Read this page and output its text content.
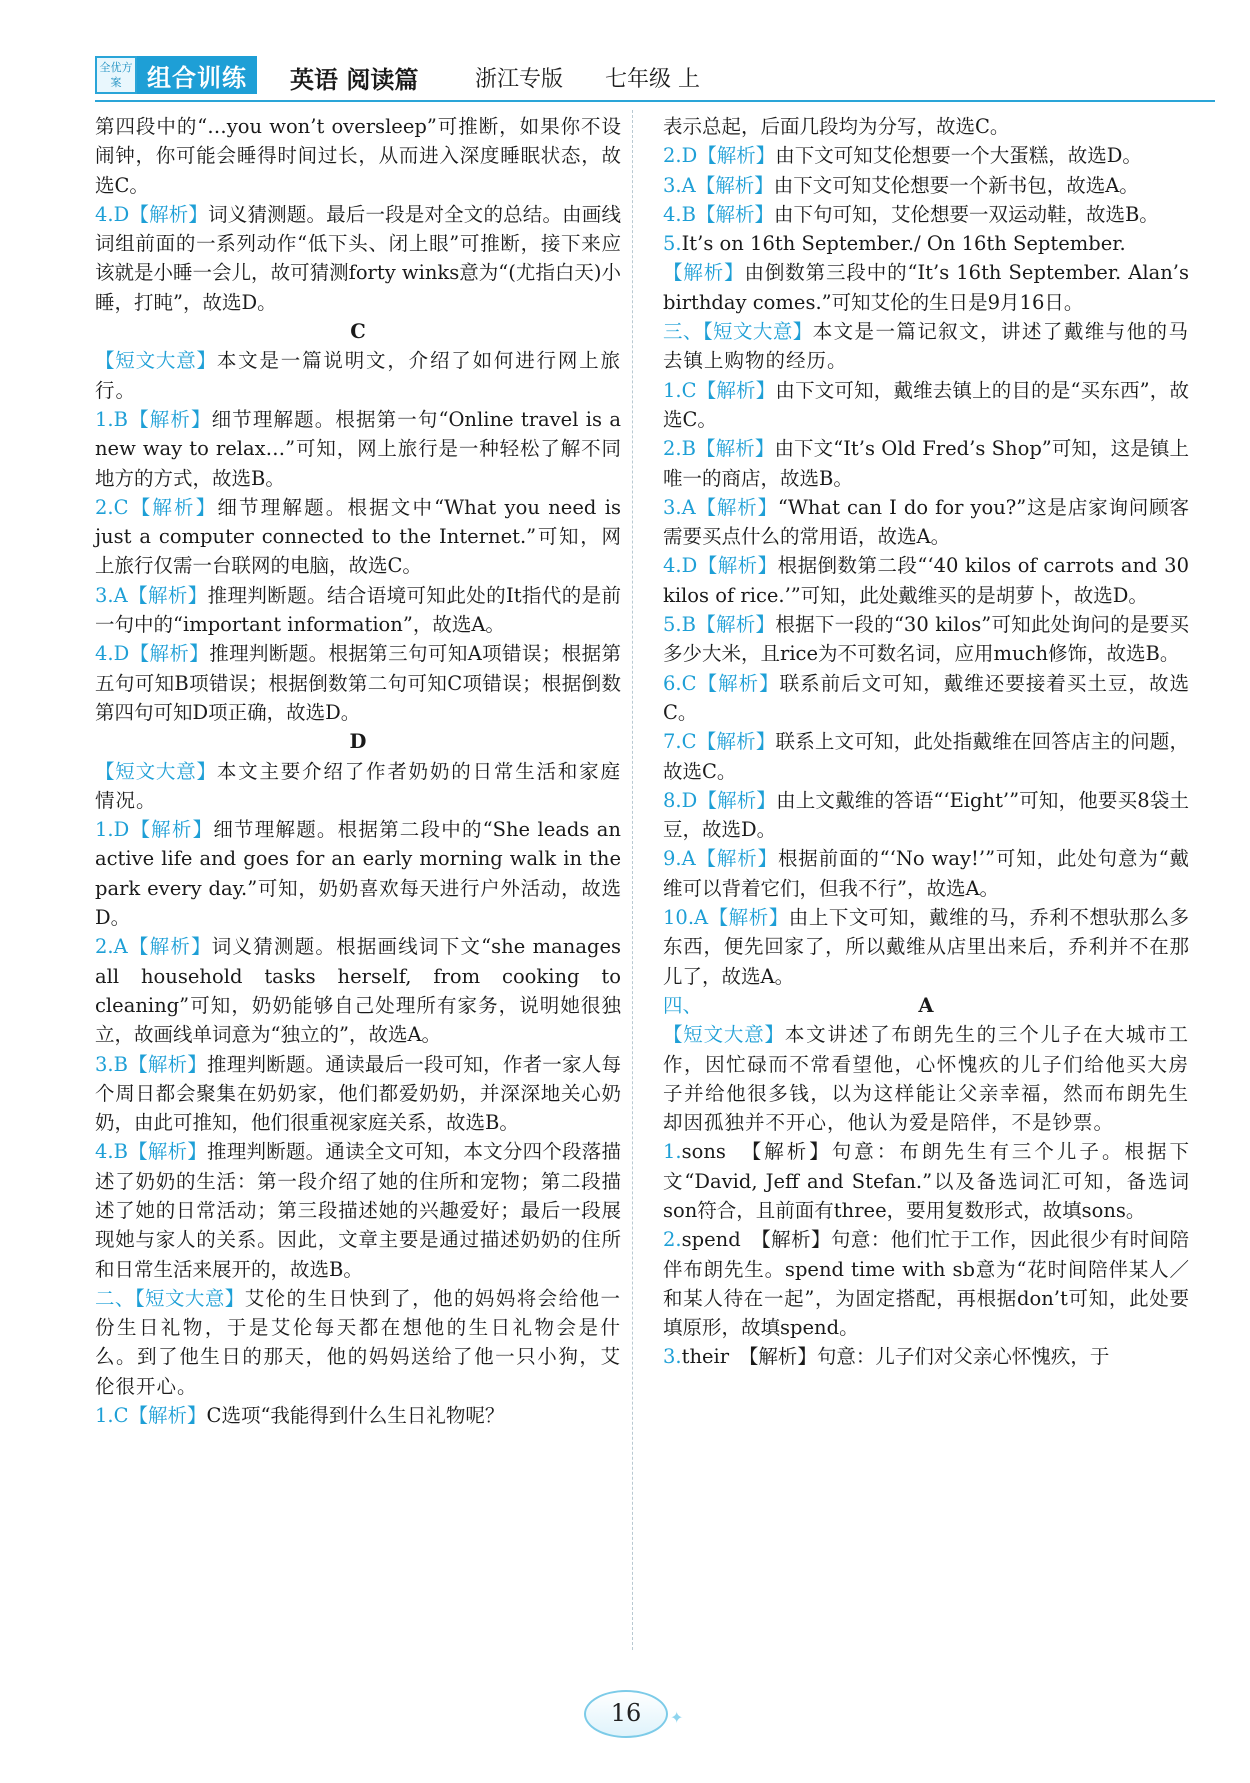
全优方案	组合训练	英语 阅读篇	浙江专版 七年级 上
第四段中的“…you won’t oversleep”可推断，如果你不设闹钟，你可能会睡得时间过长，从而进入深度睡眠状态，故选C。
4.D【解析】词义猜测题。最后一段是对全文的总结。由画线词组前面的一系列动作“低下头、闭上眼”可推断，接下来应该就是小睡一会儿，故可猜测forty winks意为“(尤指白天)小睡，打盹”，故选D。
C
【短文大意】本文是一篇说明文，介绍了如何进行网上旅行。
1.B【解析】细节理解题。根据第一句“Online travel is a new way to relax…”可知，网上旅行是一种轻松了解不同地方的方式，故选B。
2.C【解析】细节理解题。根据文中“What you need is just a computer connected to the Internet.”可知，网上旅行仅需一台联网的电脑，故选C。
3.A【解析】推理判断题。结合语境可知此处的It指代的是前一句中的“important information”，故选A。
4.D【解析】推理判断题。根据第三句可知A项错误；根据第五句可知B项错误；根据倒数第二句可知C项错误；根据倒数第四句可知D项正确，故选D。
D
【短文大意】本文主要介绍了作者奶奶的日常生活和家庭情况。
1.D【解析】细节理解题。根据第二段中的“She leads an active life and goes for an early morning walk in the park every day.”可知，奶奶喜欢每天进行户外活动，故选D。
2.A【解析】词义猜测题。根据画线词下文“she manages all household tasks herself, from cooking to cleaning”可知，奶奶能够自己处理所有家务，说明她很独立，故画线单词意为“独立的”，故选A。
3.B【解析】推理判断题。通读最后一段可知，作者一家人每个周日都会聚集在奶奶家，他们都爱奶奶，并深深地关心奶奶，由此可推知，他们很重视家庭关系，故选B。
4.B【解析】推理判断题。通读全文可知，本文分四个段落描述了奶奶的生活：第一段介绍了她的住所和宠物；第二段描述了她的日常活动；第三段描述她的兴趣爱好；最后一段展现她与家人的关系。因此，文章主要是通过描述奶奶的住所和日常生活来展开的，故选B。
二、【短文大意】艾伦的生日快到了，他的妈妈将会给他一份生日礼物，于是艾伦每天都在想他的生日礼物会是什么。到了他生日的那天，他的妈妈送给了他一只小狗，艾伦很开心。
1.C【解析】C选项“我能得到什么生日礼物呢？
表示总起，后面几段均为分写，故选C。
2.D【解析】由下文可知艾伦想要一个大蛋糕，故选D。
3.A【解析】由下文可知艾伦想要一个新书包，故选A。
4.B【解析】由下句可知，艾伦想要一双运动鞋，故选B。
5.It’s on 16th September./ On 16th September.
【解析】由倒数第三段中的“It’s 16th September. Alan’s birthday comes.”可知艾伦的生日是9月16日。
三、【短文大意】本文是一篇记叙文，讲述了戴维与他的马去镇上购物的经历。
1.C【解析】由下文可知，戴维去镇上的目的是“买东西”，故选C。
2.B【解析】由下文“It’s Old Fred’s Shop”可知，这是镇上唯一的商店，故选B。
3.A【解析】“What can I do for you?”这是店家询问顾客需要买点什么的常用语，故选A。
4.D【解析】根据倒数第二段“‘40 kilos of carrots and 30 kilos of rice.’”可知，此处戴维买的是胡萝卜，故选D。
5.B【解析】根据下一段的“30 kilos”可知此处询问的是要买多少大米，且rice为不可数名词，应用much修饰，故选B。
6.C【解析】联系前后文可知，戴维还要接着买土豆，故选C。
7.C【解析】联系上文可知，此处指戴维在回答店主的问题，故选C。
8.D【解析】由上文戴维的答语“‘Eight’”可知，他要买8袋土豆，故选D。
9.A【解析】根据前面的“‘No way!’”可知，此处句意为“戴维可以背着它们，但我不行”，故选A。
10.A【解析】由上下文可知，戴维的马，乔利不想驮那么多东西，便先回家了，所以戴维从店里出来后，乔利并不在那儿了，故选A。
四、	A
【短文大意】本文讲述了布朗先生的三个儿子在大城市工作，因忙碌而不常看望他，心怀愧疚的儿子们给他买大房子并给他很多钱，以为这样能让父亲幸福，然而布朗先生却因孤独并不开心，他认为爱是陪伴，不是钞票。
1.sons　【解析】句意：布朗先生有三个儿子。根据下文“David, Jeff and Stefan.”以及备选词汇可知，备选词son符合，且前面有three，要用复数形式，故填sons。
2.spend　【解析】句意：他们忙于工作，因此很少有时间陪伴布朗先生。spend time with sb意为“花时间陪伴某人／和某人待在一起”，为固定搭配，再根据don’t可知，此处要填原形，故填spend。
3.their　【解析】句意：儿子们对父亲心怀愧疚，于
16	✦
